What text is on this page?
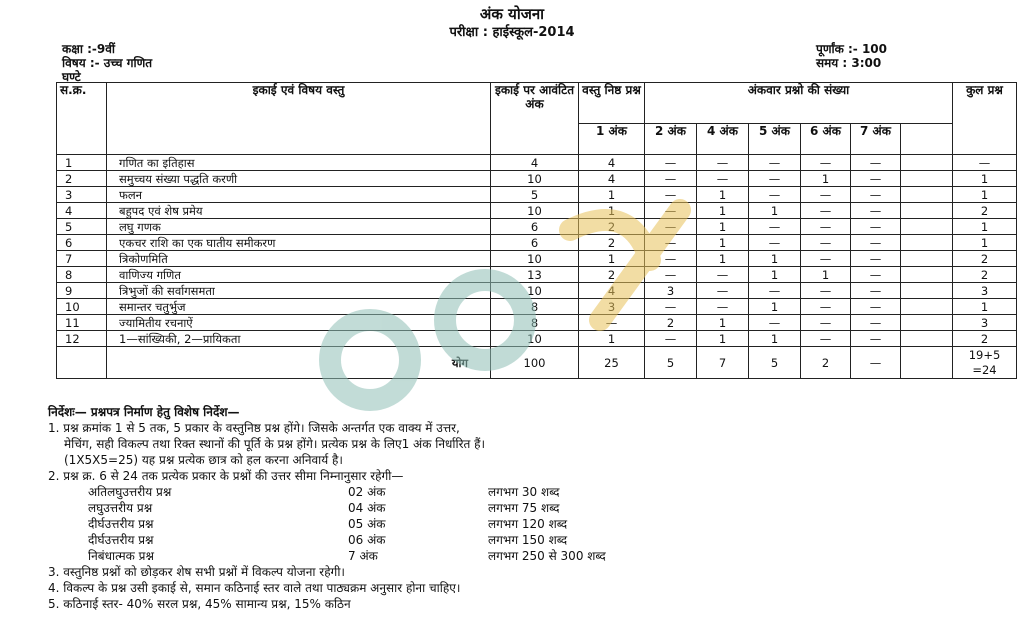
अंक योजना
परीक्षा : हाईस्कूल-2014
कक्षा :-9वीं
विषय :- उच्च गणित
घण्टे
पूर्णांक :- 100
समय : 3:00
स.क्र.	इकाई एवं विषय वस्तु	इकाई पर आवंटित अंक	वस्तु निष्ठ प्रश्न	अंकवार प्रश्नो की संख्या						कुल प्रश्न
			1 अंक	2 अंक	4 अंक	5 अंक	6 अंक	7 अंक		
1	गणित का इतिहास	4	4	—	—	—	—	—		—
2	समुच्चय संख्या पद्धति करणी	10	4	—	—	—	1	—		1
3	फलन	5	1	—	1	—	—	—		1
4	बहुपद एवं शेष प्रमेय	10	1	—	1	1	—	—		2
5	लघु गणक	6	2	—	1	—	—	—		1
6	एकचर राशि का एक घातीय समीकरण	6	2	—	1	—	—	—		1
7	त्रिकोणमिति	10	1	—	1	1	—	—		2
8	वाणिज्य गणित	13	2	—	—	1	1	—		2
9	त्रिभुजों की सर्वागसमता	10	4	3	—	—	—	—		3
10	समान्तर चतुर्भुज	8	3	—	—	1	—	—		1
11	ज्यामितीय रचनाऐं	8	—	2	1	—	—	—		3
12	1—सांख्यिकी, 2—प्रायिकता	10	1	—	1	1	—	—		2
	योग	100	25	5	7	5	2	—		19+5
=24
निर्देशः— प्रश्नपत्र निर्माण हेतु विशेष निर्देश—
1. प्रश्न क्रमांक 1 से 5 तक, 5 प्रकार के वस्तुनिष्ठ प्रश्न होंगे। जिसके अन्तर्गत एक वाक्य में उत्तर,
मेचिंग, सही विकल्प तथा रिक्त स्थानों की पूर्ति के प्रश्न होंगे। प्रत्येक प्रश्न के लिए1 अंक निर्धारित हैं।
(1X5X5=25) यह प्रश्न प्रत्येक छात्र को हल करना अनिवार्य है।
2. प्रश्न क्र. 6 से 24 तक प्रत्येक प्रकार के प्रश्नों की उत्तर सीमा निम्नानुसार रहेगी—
अतिलघुउत्तरीय प्रश्न	02 अंक	लगभग 30 शब्द
लघुउत्तरीय प्रश्न	04 अंक	लगभग 75 शब्द
दीर्घउत्तरीय प्रश्न	05 अंक	लगभग 120 शब्द
दीर्घउत्तरीय प्रश्न	06 अंक	लगभग 150 शब्द
निबंधात्मक प्रश्न	7 अंक	लगभग 250 से 300 शब्द
3. वस्तुनिष्ठ प्रश्नों को छोड़कर शेष सभी प्रश्नों में विकल्प योजना रहेगी।
4. विकल्प के प्रश्न उसी इकाई से, समान कठिनाई स्तर वाले तथा पाठ्यक्रम अनुसार होना चाहिए।
5. कठिनाई स्तर- 40% सरल प्रश्न, 45% सामान्य प्रश्न, 15% कठिन
